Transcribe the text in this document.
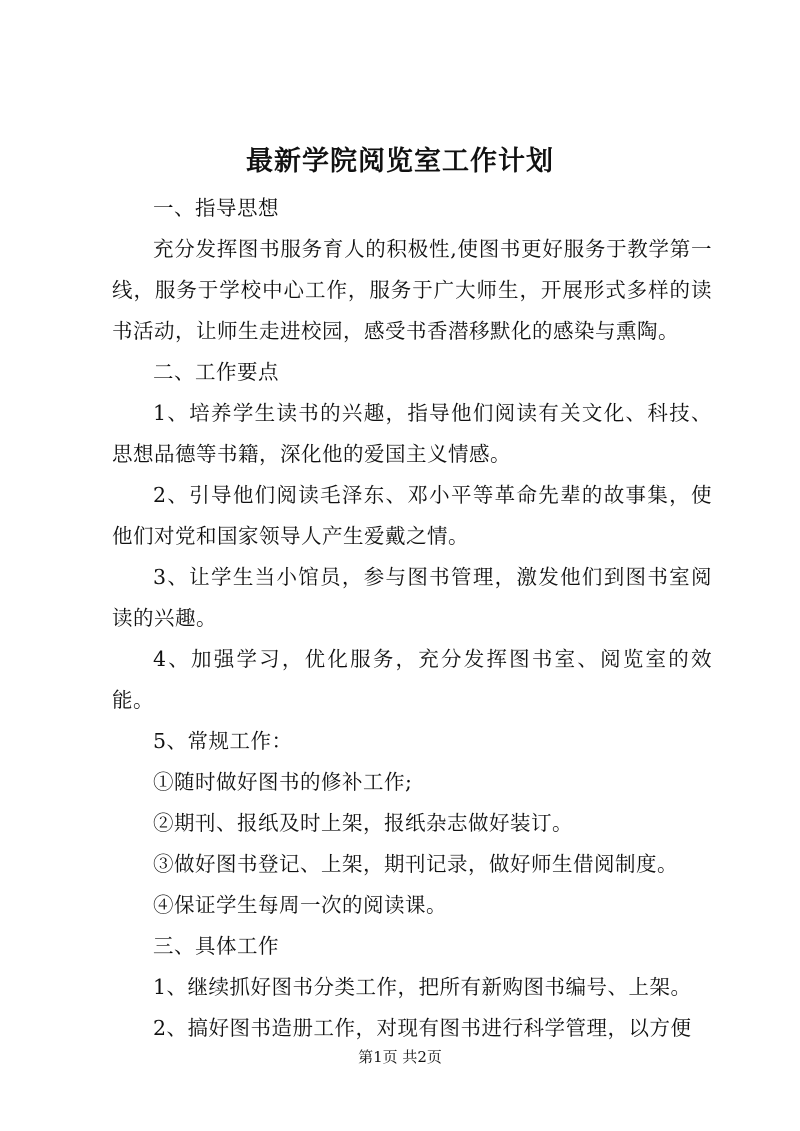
最新学院阅览室工作计划

一、指导思想

充分发挥图书服务育人的积极性,使图书更好服务于教学第一线，服务于学校中心工作，服务于广大师生，开展形式多样的读书活动，让师生走进校园，感受书香潜移默化的感染与熏陶。

二、工作要点

1、培养学生读书的兴趣，指导他们阅读有关文化、科技、思想品德等书籍，深化他的爱国主义情感。

2、引导他们阅读毛泽东、邓小平等革命先辈的故事集，使他们对党和国家领导人产生爱戴之情。

3、让学生当小馆员，参与图书管理，激发他们到图书室阅读的兴趣。

4、加强学习，优化服务，充分发挥图书室、阅览室的效能。

5、常规工作：

①随时做好图书的修补工作;

②期刊、报纸及时上架，报纸杂志做好装订。

③做好图书登记、上架，期刊记录，做好师生借阅制度。

④保证学生每周一次的阅读课。

三、具体工作

1、继续抓好图书分类工作，把所有新购图书编号、上架。

2、搞好图书造册工作，对现有图书进行科学管理，以方便

第1页 共2页
